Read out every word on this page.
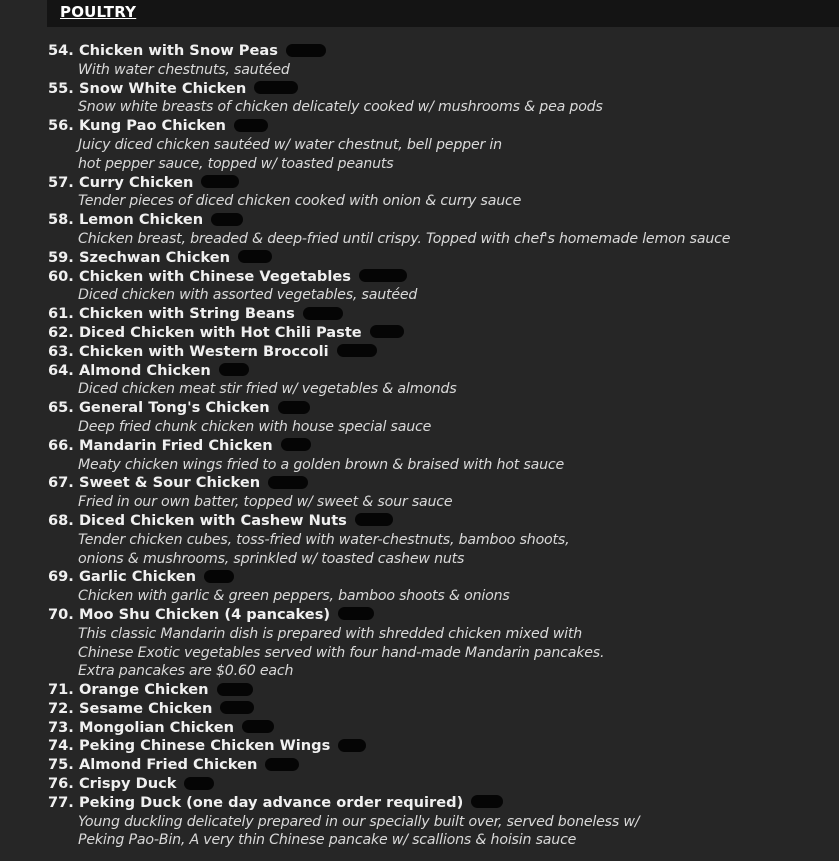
POULTRY
54. Chicken with Snow Peas
With water chestnuts, sautéed
55. Snow White Chicken
Snow white breasts of chicken delicately cooked w/ mushrooms & pea pods
56. Kung Pao Chicken
Juicy diced chicken sautéed w/ water chestnut, bell pepper in
hot pepper sauce, topped w/ toasted peanuts
57. Curry Chicken
Tender pieces of diced chicken cooked with onion & curry sauce
58. Lemon Chicken
Chicken breast, breaded & deep-fried until crispy. Topped with chef's homemade lemon sauce
59. Szechwan Chicken
60. Chicken with Chinese Vegetables
Diced chicken with assorted vegetables, sautéed
61. Chicken with String Beans
62. Diced Chicken with Hot Chili Paste
63. Chicken with Western Broccoli
64. Almond Chicken
Diced chicken meat stir fried w/ vegetables & almonds
65. General Tong's Chicken
Deep fried chunk chicken with house special sauce
66. Mandarin Fried Chicken
Meaty chicken wings fried to a golden brown & braised with hot sauce
67. Sweet & Sour Chicken
Fried in our own batter, topped w/ sweet & sour sauce
68. Diced Chicken with Cashew Nuts
Tender chicken cubes, toss-fried with water-chestnuts, bamboo shoots,
onions & mushrooms, sprinkled w/ toasted cashew nuts
69. Garlic Chicken
Chicken with garlic & green peppers, bamboo shoots & onions
70. Moo Shu Chicken (4 pancakes)
This classic Mandarin dish is prepared with shredded chicken mixed with
Chinese Exotic vegetables served with four hand-made Mandarin pancakes.
Extra pancakes are $0.60 each
71. Orange Chicken
72. Sesame Chicken
73. Mongolian Chicken
74. Peking Chinese Chicken Wings
75. Almond Fried Chicken
76. Crispy Duck
77. Peking Duck (one day advance order required)
Young duckling delicately prepared in our specially built over, served boneless w/
Peking Pao-Bin, A very thin Chinese pancake w/ scallions & hoisin sauce
